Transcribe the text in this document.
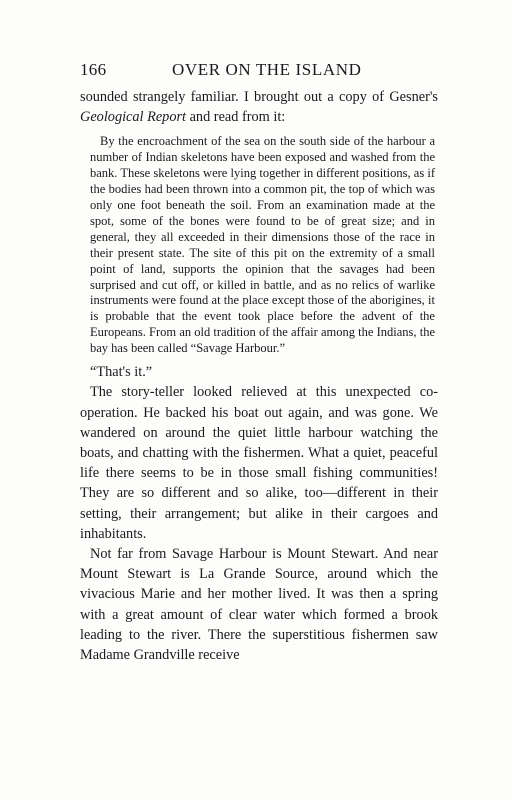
166	OVER ON THE ISLAND

sounded strangely familiar. I brought out a copy of Gesner's Geological Report and read from it:

By the encroachment of the sea on the south side of the harbour a number of Indian skeletons have been exposed and washed from the bank. These skeletons were lying together in different positions, as if the bodies had been thrown into a common pit, the top of which was only one foot beneath the soil. From an examination made at the spot, some of the bones were found to be of great size; and in general, they all exceeded in their dimensions those of the race in their present state. The site of this pit on the extremity of a small point of land, supports the opinion that the savages had been surprised and cut off, or killed in battle, and as no relics of warlike instruments were found at the place except those of the aborigines, it is probable that the event took place before the advent of the Europeans. From an old tradition of the affair among the Indians, the bay has been called “Savage Harbour.”

“That's it.”

The story-teller looked relieved at this unexpected co-operation. He backed his boat out again, and was gone. We wandered on around the quiet little harbour watching the boats, and chatting with the fishermen. What a quiet, peaceful life there seems to be in those small fishing communities! They are so different and so alike, too—different in their setting, their arrangement; but alike in their cargoes and inhabitants.

Not far from Savage Harbour is Mount Stewart. And near Mount Stewart is La Grande Source, around which the vivacious Marie and her mother lived. It was then a spring with a great amount of clear water which formed a brook leading to the river. There the superstitious fishermen saw Madame Grandville receive
